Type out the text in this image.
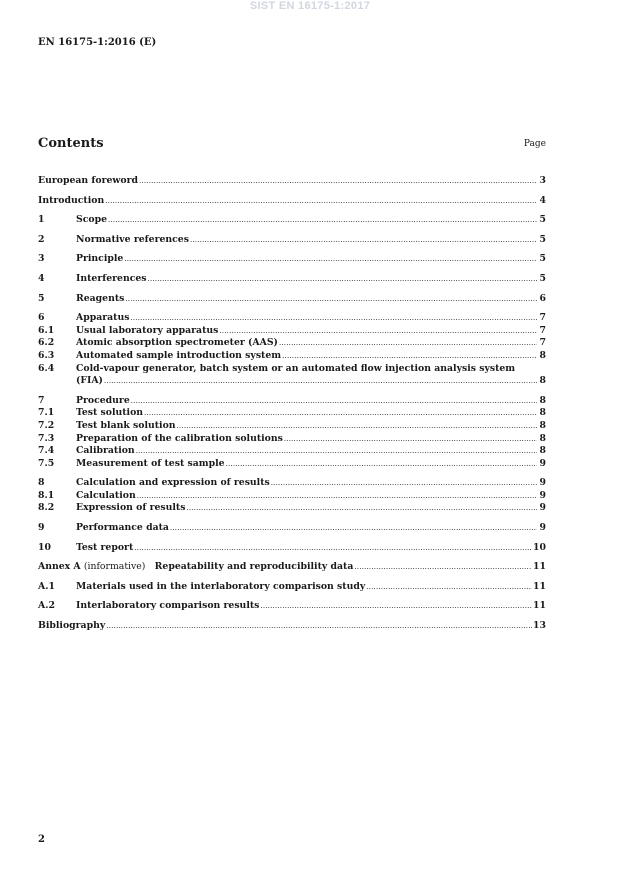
SIST EN 16175-1:2017
EN 16175-1:2016 (E)
Contents	Page
European foreword .....	3
Introduction .....	4
1	Scope .....	5
2	Normative references .....	5
3	Principle .....	5
4	Interferences .....	5
5	Reagents .....	6
6	Apparatus .....	7
6.1	Usual laboratory apparatus .....	7
6.2	Atomic absorption spectrometer (AAS) .....	7
6.3	Automated sample introduction system .....	8
6.4	Cold-vapour generator, batch system or an automated flow injection analysis system
(FIA) .....	8
7	Procedure .....	8
7.1	Test solution .....	8
7.2	Test blank solution .....	8
7.3	Preparation of the calibration solutions .....	8
7.4	Calibration .....	8
7.5	Measurement of test sample .....	9
8	Calculation and expression of results .....	9
8.1	Calculation .....	9
8.2	Expression of results .....	9
9	Performance data .....	9
10	Test report .....	10
Annex A (informative) Repeatability and reproducibility data .....	11
A.1	Materials used in the interlaboratory comparison study .....	11
A.2	Interlaboratory comparison results .....	11
Bibliography .....	13
2
